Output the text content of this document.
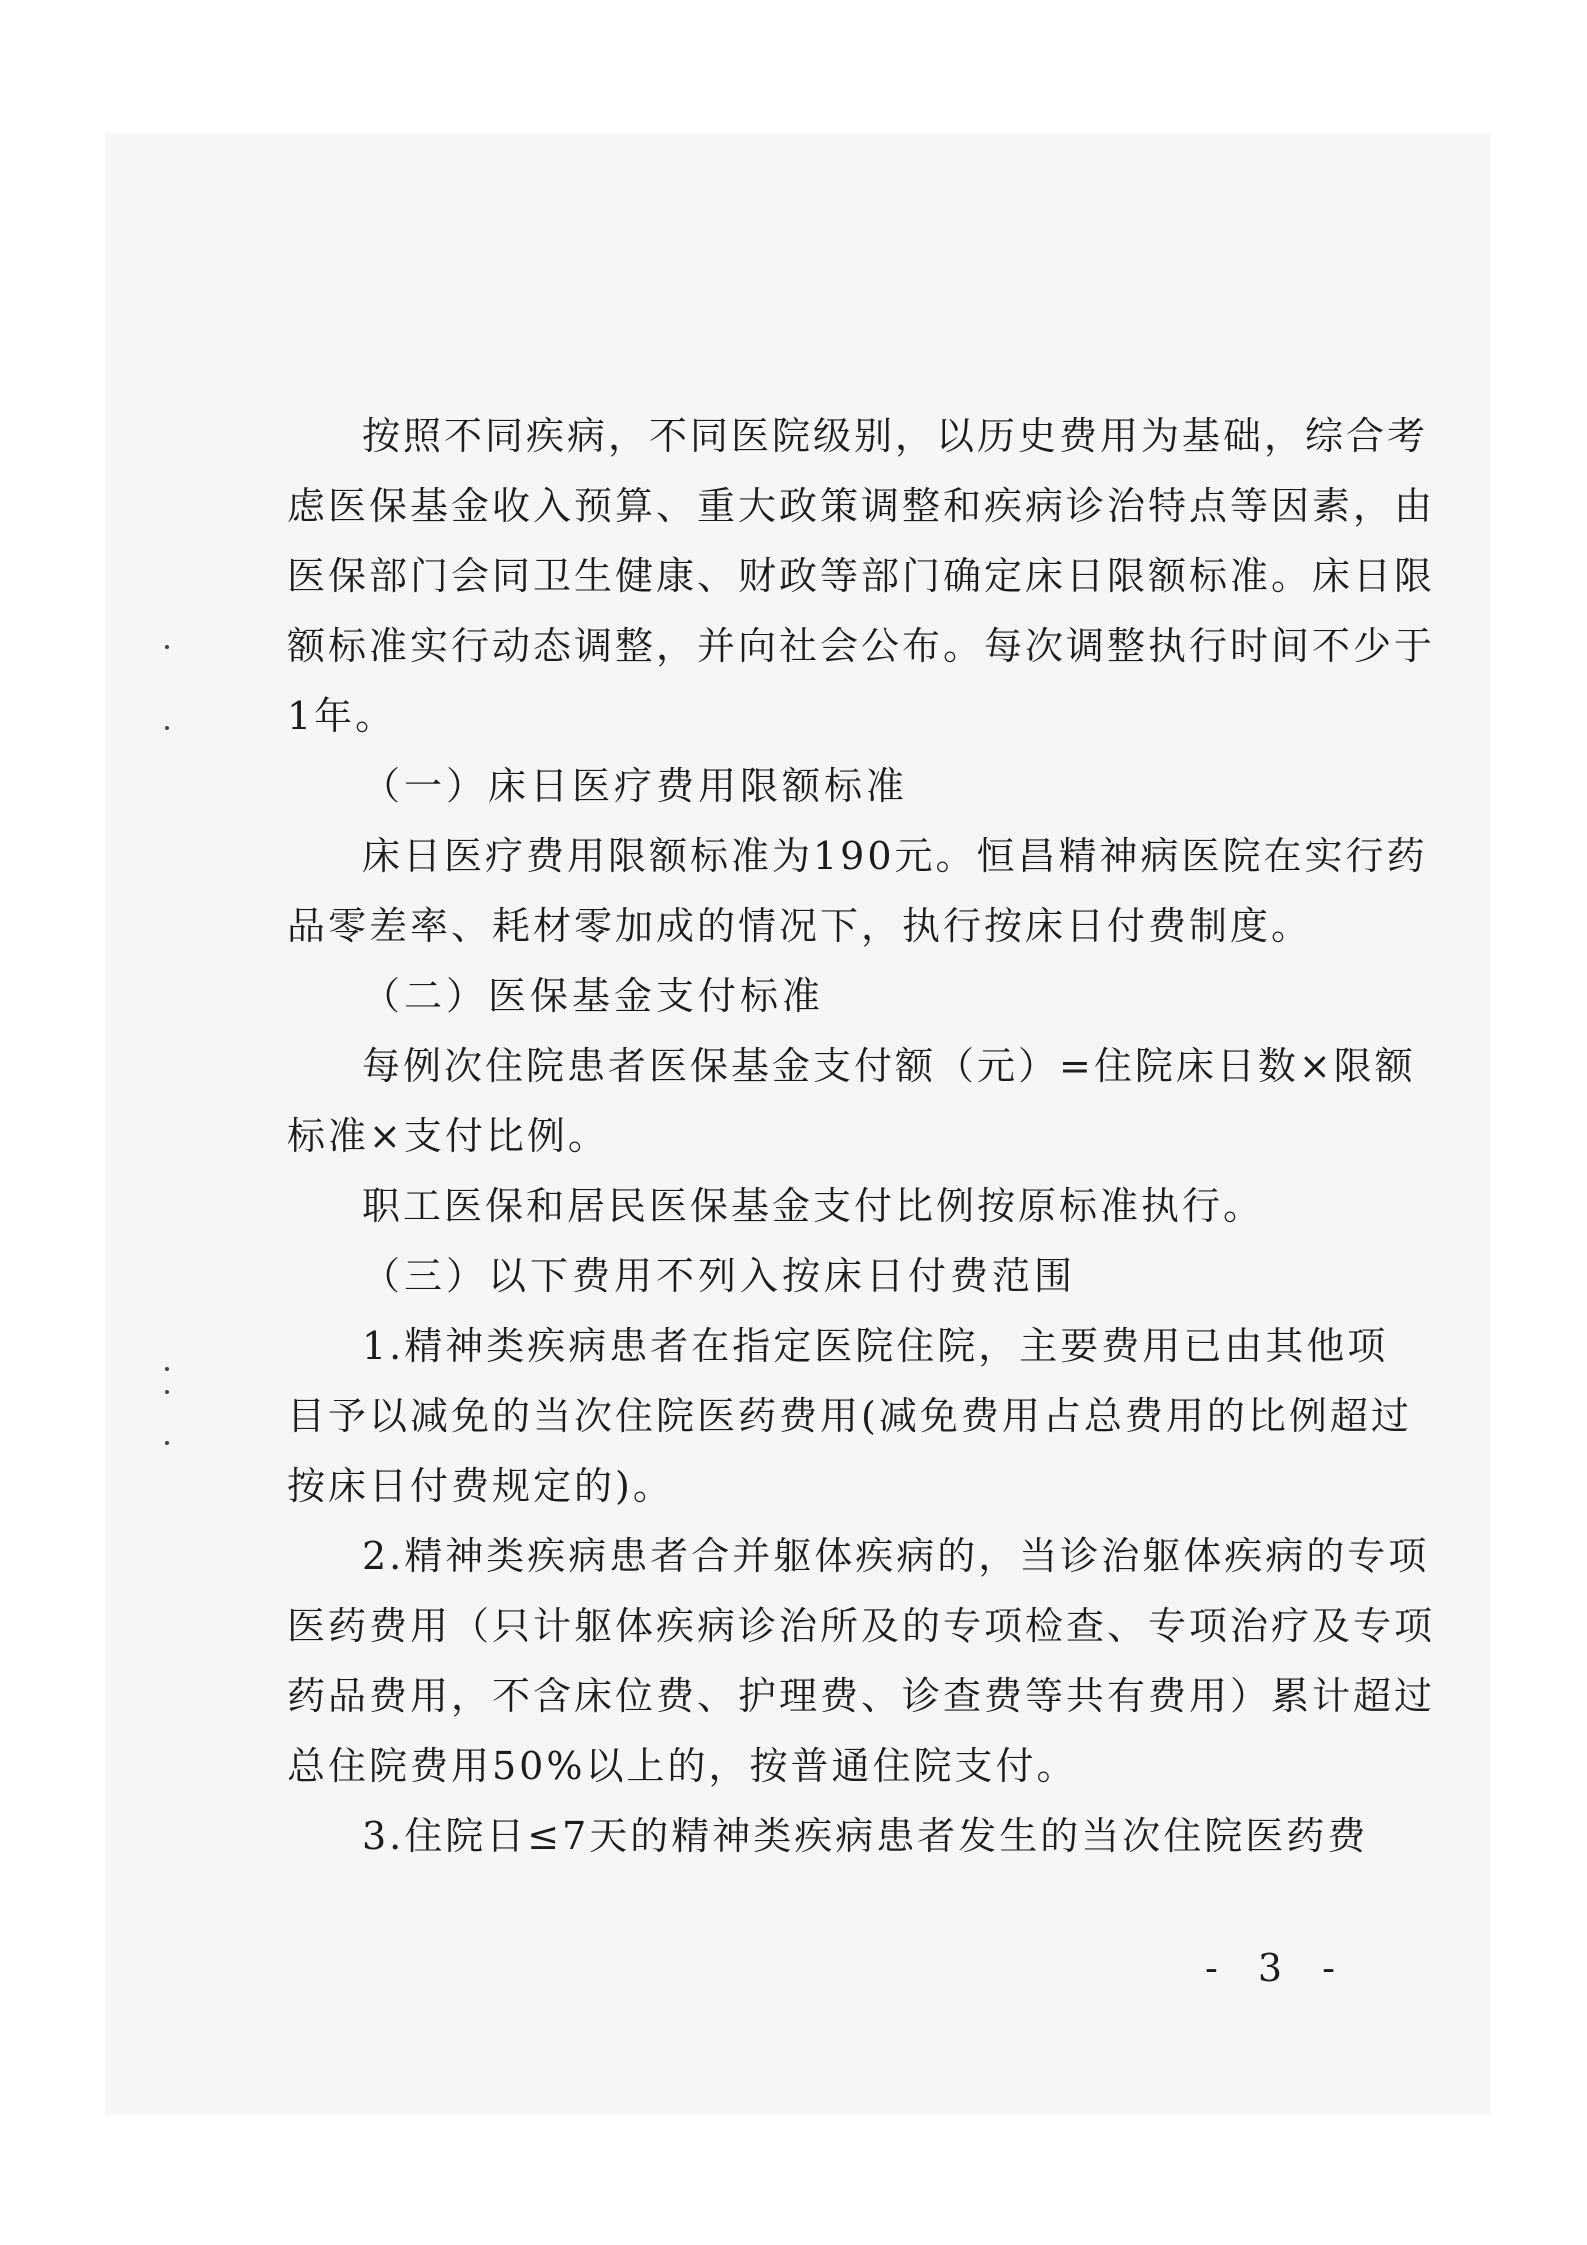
按照不同疾病，不同医院级别，以历史费用为基础，综合考
虑医保基金收入预算、重大政策调整和疾病诊治特点等因素，由
医保部门会同卫生健康、财政等部门确定床日限额标准。床日限
额标准实行动态调整，并向社会公布。每次调整执行时间不少于
1年。
（一）床日医疗费用限额标准
床日医疗费用限额标准为190元。恒昌精神病医院在实行药
品零差率、耗材零加成的情况下，执行按床日付费制度。
（二）医保基金支付标准
每例次住院患者医保基金支付额（元）=住院床日数×限额
标准×支付比例。
职工医保和居民医保基金支付比例按原标准执行。
（三）以下费用不列入按床日付费范围
1.精神类疾病患者在指定医院住院，主要费用已由其他项
目予以减免的当次住院医药费用(减免费用占总费用的比例超过
按床日付费规定的)。
2.精神类疾病患者合并躯体疾病的，当诊治躯体疾病的专项
医药费用（只计躯体疾病诊治所及的专项检查、专项治疗及专项
药品费用，不含床位费、护理费、诊查费等共有费用）累计超过
总住院费用50%以上的，按普通住院支付。
3.住院日≤7天的精神类疾病患者发生的当次住院医药费
- 3 -
